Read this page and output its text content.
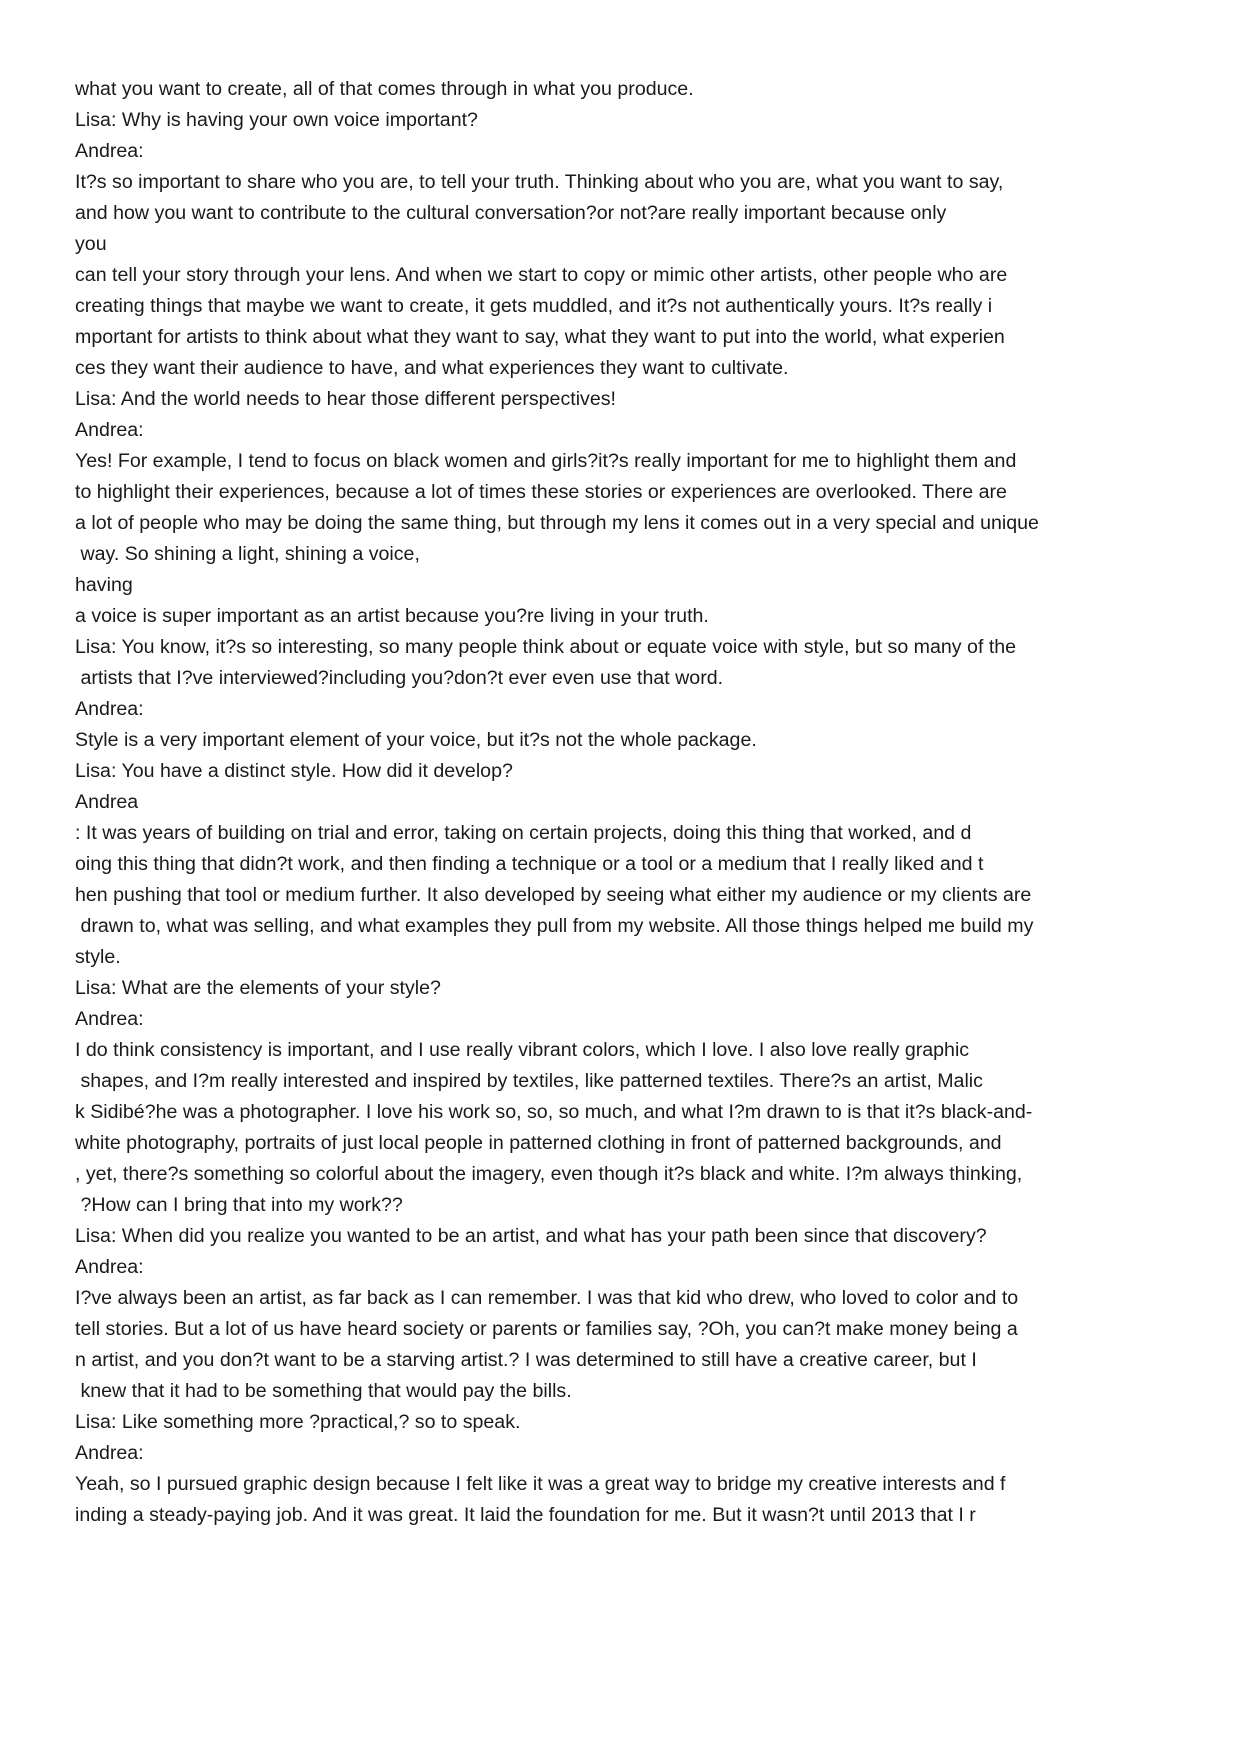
what you want to create, all of that comes through in what you produce.
Lisa: Why is having your own voice important?
Andrea:
It?s so important to share who you are, to tell your truth. Thinking about who you are, what you want to say,
and how you want to contribute to the cultural conversation?or not?are really important because only
you
can tell your story through your lens. And when we start to copy or mimic other artists, other people who are
creating things that maybe we want to create, it gets muddled, and it?s not authentically yours. It?s really i
mportant for artists to think about what they want to say, what they want to put into the world, what experien
ces they want their audience to have, and what experiences they want to cultivate.
Lisa: And the world needs to hear those different perspectives!
Andrea:
Yes! For example, I tend to focus on black women and girls?it?s really important for me to highlight them and
to highlight their experiences, because a lot of times these stories or experiences are overlooked. There are
a lot of people who may be doing the same thing, but through my lens it comes out in a very special and unique
way. So shining a light, shining a voice,
having
a voice is super important as an artist because you?re living in your truth.
Lisa: You know, it?s so interesting, so many people think about or equate voice with style, but so many of the
artists that I?ve interviewed?including you?don?t ever even use that word.
Andrea:
Style is a very important element of your voice, but it?s not the whole package.
Lisa: You have a distinct style. How did it develop?
Andrea
: It was years of building on trial and error, taking on certain projects, doing this thing that worked, and d
oing this thing that didn?t work, and then finding a technique or a tool or a medium that I really liked and t
hen pushing that tool or medium further. It also developed by seeing what either my audience or my clients are
drawn to, what was selling, and what examples they pull from my website. All those things helped me build my
style.
Lisa: What are the elements of your style?
Andrea:
I do think consistency is important, and I use really vibrant colors, which I love. I also love really graphic
shapes, and I?m really interested and inspired by textiles, like patterned textiles. There?s an artist, Malic
k Sidibé?he was a photographer. I love his work so, so, so much, and what I?m drawn to is that it?s black-and-
white photography, portraits of just local people in patterned clothing in front of patterned backgrounds, and
, yet, there?s something so colorful about the imagery, even though it?s black and white. I?m always thinking,
?How can I bring that into my work??
Lisa: When did you realize you wanted to be an artist, and what has your path been since that discovery?
Andrea:
I?ve always been an artist, as far back as I can remember. I was that kid who drew, who loved to color and to
tell stories. But a lot of us have heard society or parents or families say, ?Oh, you can?t make money being a
n artist, and you don?t want to be a starving artist.? I was determined to still have a creative career, but I
knew that it had to be something that would pay the bills.
Lisa: Like something more ?practical,? so to speak.
Andrea:
Yeah, so I pursued graphic design because I felt like it was a great way to bridge my creative interests and f
inding a steady-paying job. And it was great. It laid the foundation for me. But it wasn?t until 2013 that I r
